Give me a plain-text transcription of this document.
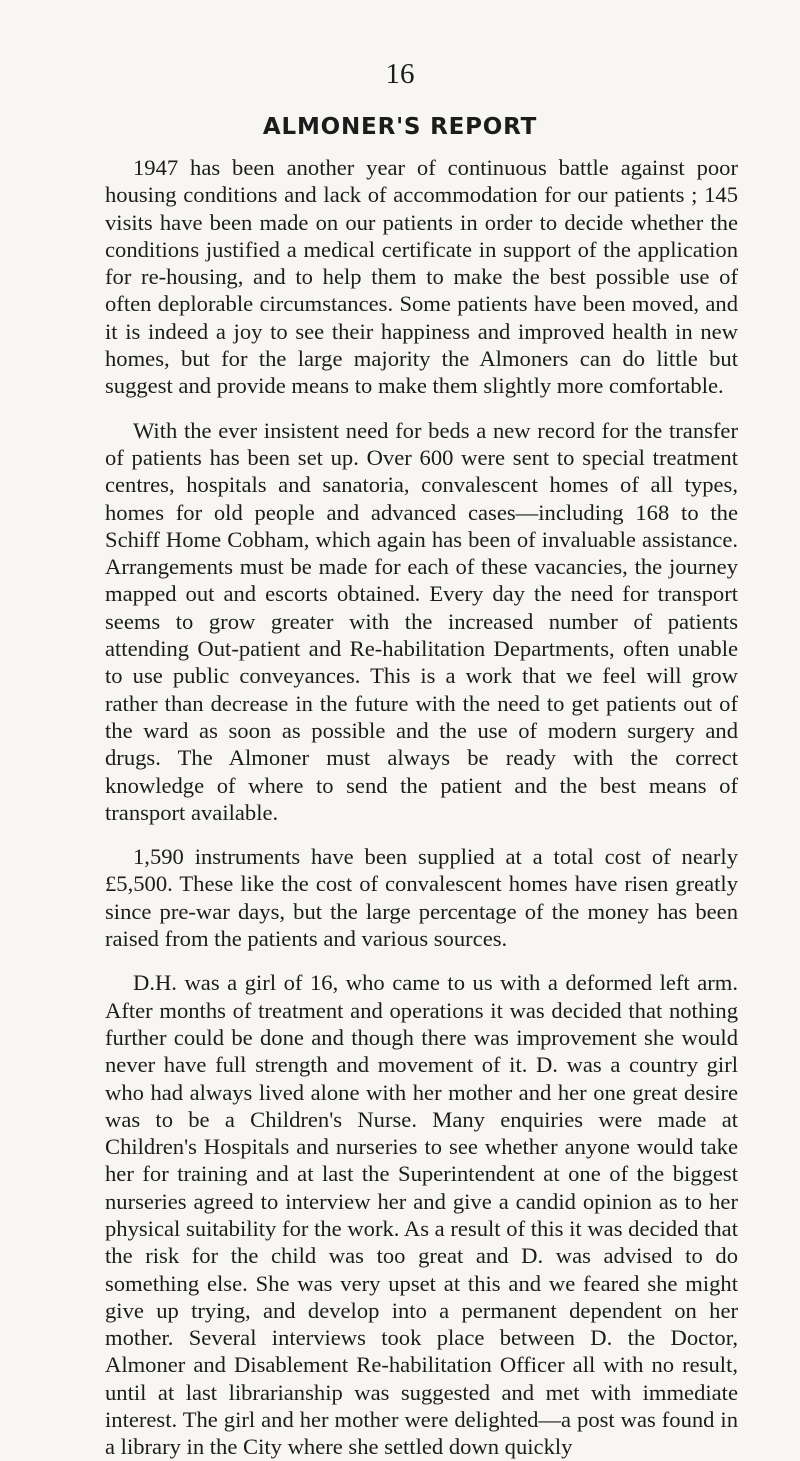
16
ALMONER'S REPORT

1947 has been another year of continuous battle against poor housing conditions and lack of accommodation for our patients ; 145 visits have been made on our patients in order to decide whether the conditions justified a medical certificate in support of the application for re-housing, and to help them to make the best possible use of often deplorable circumstances. Some patients have been moved, and it is indeed a joy to see their happiness and improved health in new homes, but for the large majority the Almoners can do little but suggest and provide means to make them slightly more comfortable.

With the ever insistent need for beds a new record for the transfer of patients has been set up. Over 600 were sent to special treatment centres, hospitals and sanatoria, convalescent homes of all types, homes for old people and advanced cases—including 168 to the Schiff Home Cobham, which again has been of invaluable assistance. Arrangements must be made for each of these vacancies, the journey mapped out and escorts obtained. Every day the need for transport seems to grow greater with the increased number of patients attending Out-patient and Re-habilitation Departments, often unable to use public conveyances. This is a work that we feel will grow rather than decrease in the future with the need to get patients out of the ward as soon as possible and the use of modern surgery and drugs. The Almoner must always be ready with the correct knowledge of where to send the patient and the best means of transport available.

1,590 instruments have been supplied at a total cost of nearly £5,500. These like the cost of convalescent homes have risen greatly since pre-war days, but the large percentage of the money has been raised from the patients and various sources.

D.H. was a girl of 16, who came to us with a deformed left arm. After months of treatment and operations it was decided that nothing further could be done and though there was improvement she would never have full strength and movement of it. D. was a country girl who had always lived alone with her mother and her one great desire was to be a Children's Nurse. Many enquiries were made at Children's Hospitals and nurseries to see whether anyone would take her for training and at last the Superintendent at one of the biggest nurseries agreed to interview her and give a candid opinion as to her physical suitability for the work. As a result of this it was decided that the risk for the child was too great and D. was advised to do something else. She was very upset at this and we feared she might give up trying, and develop into a permanent dependent on her mother. Several interviews took place between D. the Doctor, Almoner and Disablement Re-habilitation Officer all with no result, until at last librarianship was suggested and met with immediate interest. The girl and her mother were delighted—a post was found in a library in the City where she settled down quickly
